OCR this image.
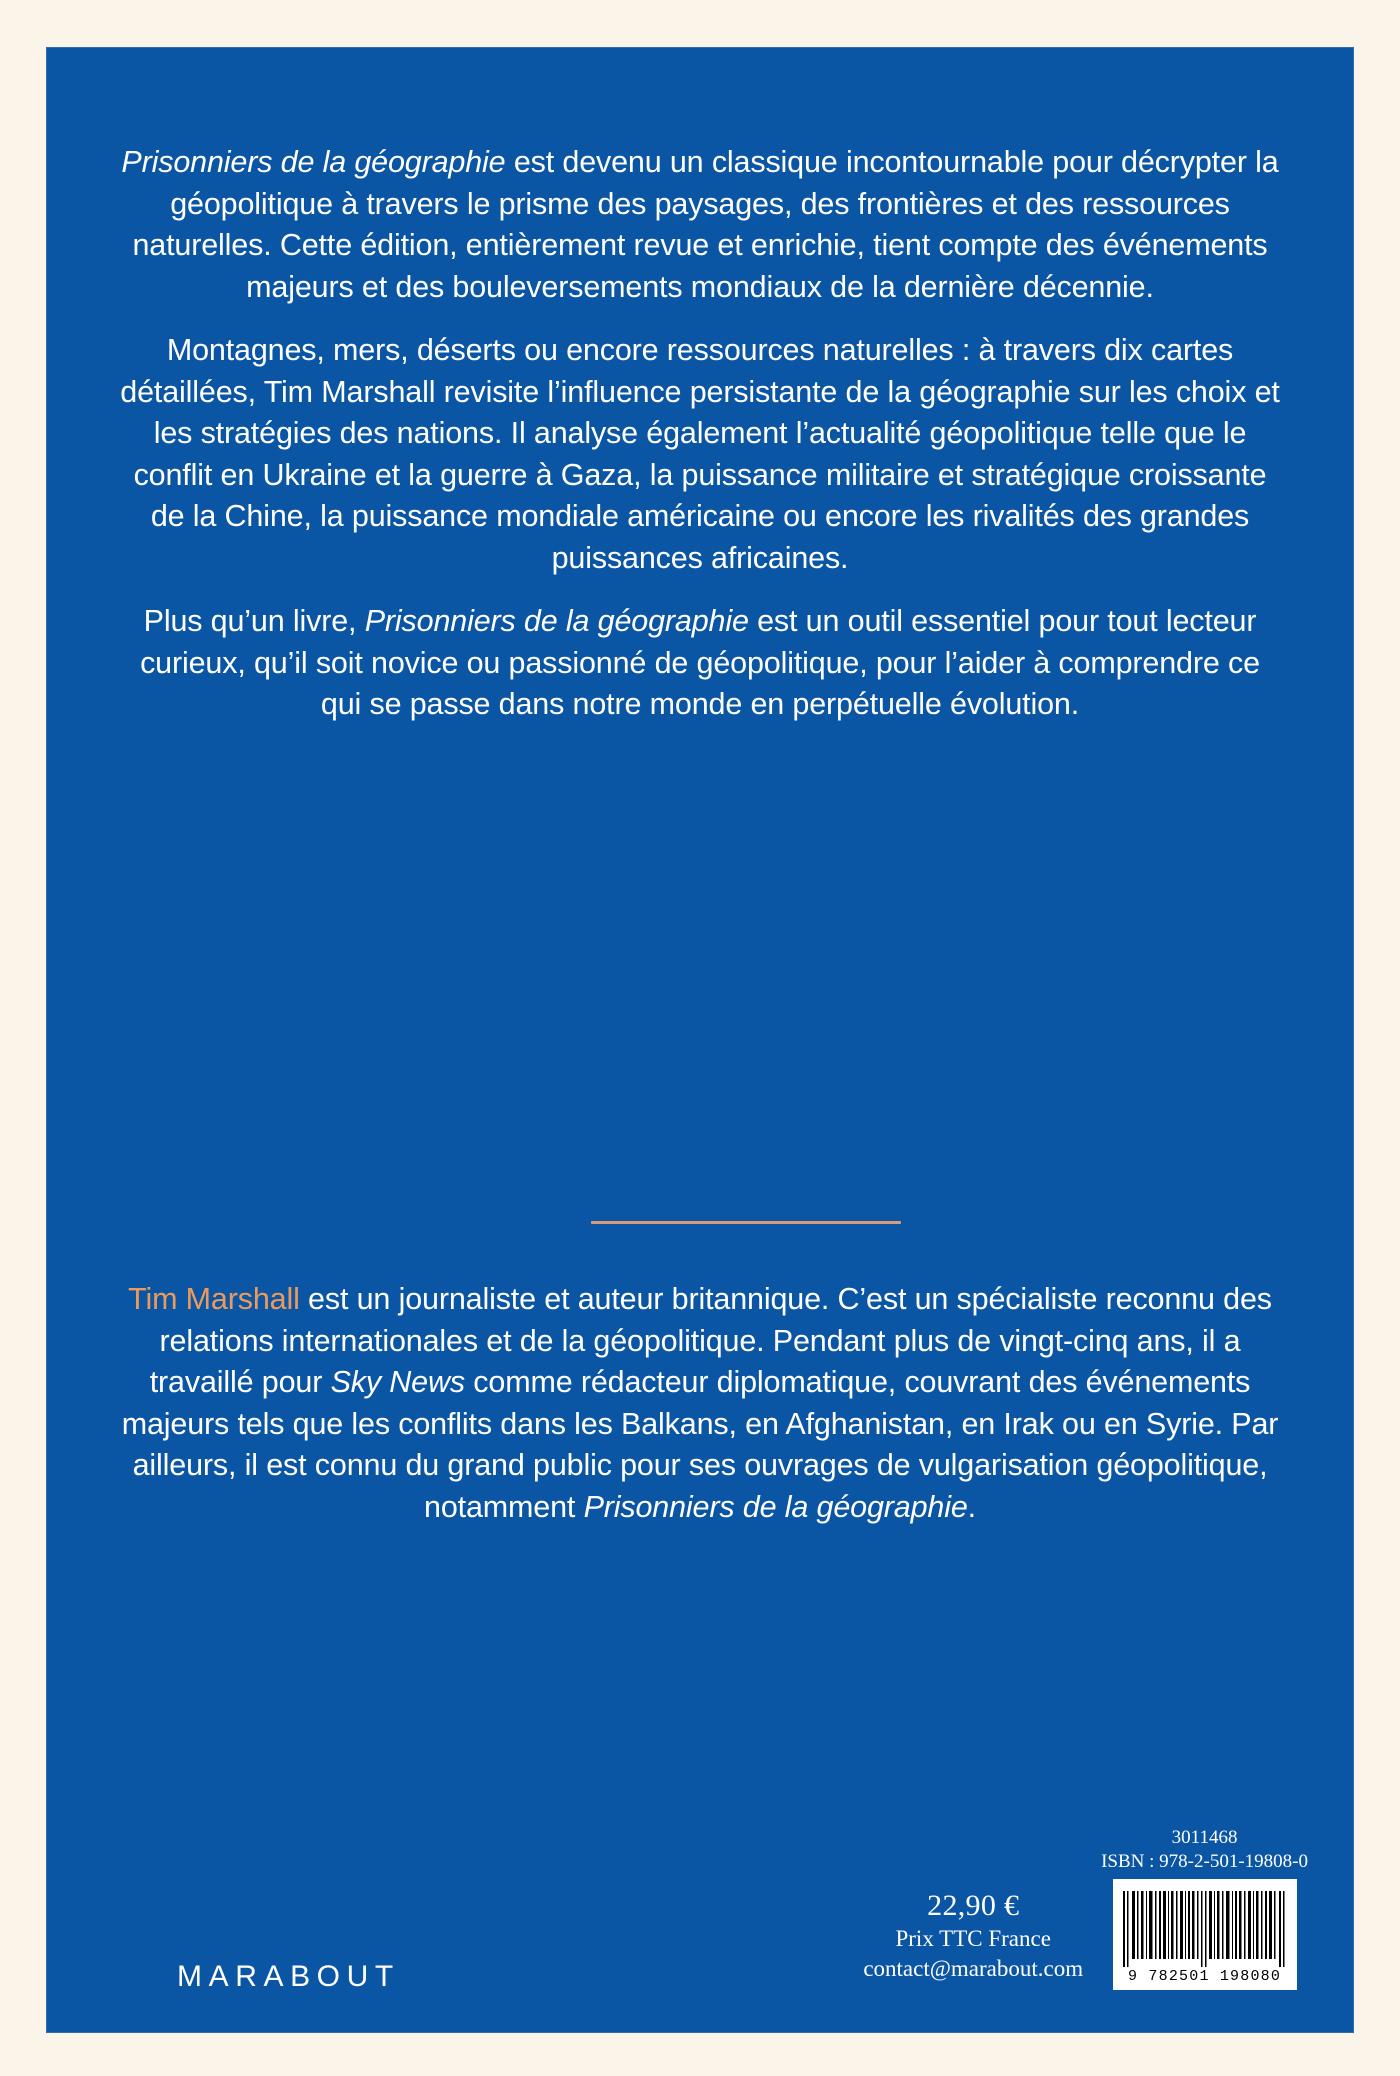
Prisonniers de la géographie est devenu un classique incontournable pour décrypter la géopolitique à travers le prisme des paysages, des frontières et des ressources naturelles. Cette édition, entièrement revue et enrichie, tient compte des événements majeurs et des bouleversements mondiaux de la dernière décennie.

Montagnes, mers, déserts ou encore ressources naturelles : à travers dix cartes détaillées, Tim Marshall revisite l’influence persistante de la géographie sur les choix et les stratégies des nations. Il analyse également l’actualité géopolitique telle que le conflit en Ukraine et la guerre à Gaza, la puissance militaire et stratégique croissante de la Chine, la puissance mondiale américaine ou encore les rivalités des grandes puissances africaines.

Plus qu’un livre, Prisonniers de la géographie est un outil essentiel pour tout lecteur curieux, qu’il soit novice ou passionné de géopolitique, pour l’aider à comprendre ce qui se passe dans notre monde en perpétuelle évolution.

Tim Marshall est un journaliste et auteur britannique. C’est un spécialiste reconnu des relations internationales et de la géopolitique. Pendant plus de vingt-cinq ans, il a travaillé pour Sky News comme rédacteur diplomatique, couvrant des événements majeurs tels que les conflits dans les Balkans, en Afghanistan, en Irak ou en Syrie. Par ailleurs, il est connu du grand public pour ses ouvrages de vulgarisation géopolitique, notamment Prisonniers de la géographie.

MARABOUT
22,90 €
Prix TTC France
contact@marabout.com
3011468
ISBN : 978-2-501-19808-0
9 782501 198080
